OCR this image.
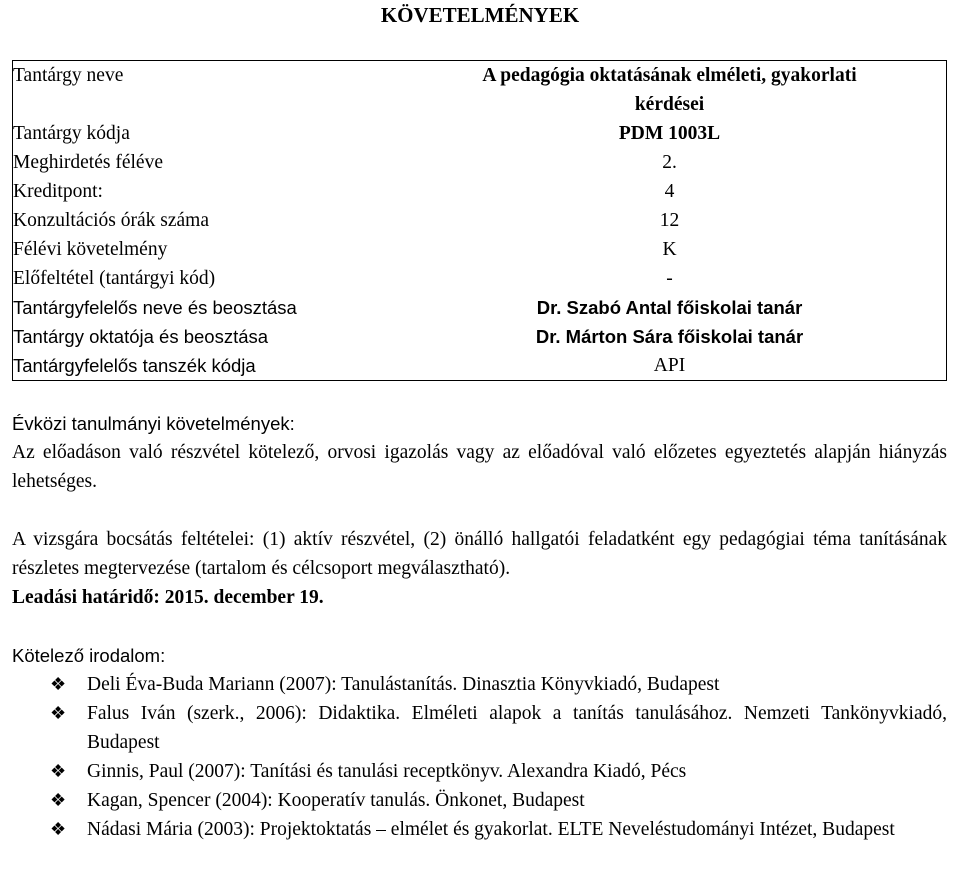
KÖVETELMÉNYEK
Tantárgy neve	A pedagógia oktatásának elméleti, gyakorlati kérdései
Tantárgy kódja	PDM 1003L
Meghirdetés féléve	2.
Kreditpont:	4
Konzultációs órák száma	12
Félévi követelmény	K
Előfeltétel (tantárgyi kód)	-
Tantárgyfelelős neve és beosztása	Dr. Szabó Antal főiskolai tanár
Tantárgy oktatója és beosztása	Dr. Márton Sára főiskolai tanár
Tantárgyfelelős tanszék kódja	API
Évközi tanulmányi követelmények:
Az előadáson való részvétel kötelező, orvosi igazolás vagy az előadóval való előzetes egyeztetés alapján hiányzás lehetséges.
A vizsgára bocsátás feltételei: (1) aktív részvétel, (2) önálló hallgatói feladatként egy pedagógiai téma tanításának részletes megtervezése (tartalom és célcsoport megválasztható).
Leadási határidő: 2015. december 19.
Kötelező irodalom:
❖ Deli Éva-Buda Mariann (2007): Tanulástanítás. Dinasztia Könyvkiadó, Budapest
❖ Falus Iván (szerk., 2006): Didaktika. Elméleti alapok a tanítás tanulásához. Nemzeti Tankönyvkiadó, Budapest
❖ Ginnis, Paul (2007): Tanítási és tanulási receptkönyv. Alexandra Kiadó, Pécs
❖ Kagan, Spencer (2004): Kooperatív tanulás. Önkonet, Budapest
❖ Nádasi Mária (2003): Projektoktatás – elmélet és gyakorlat. ELTE Neveléstudományi Intézet, Budapest
